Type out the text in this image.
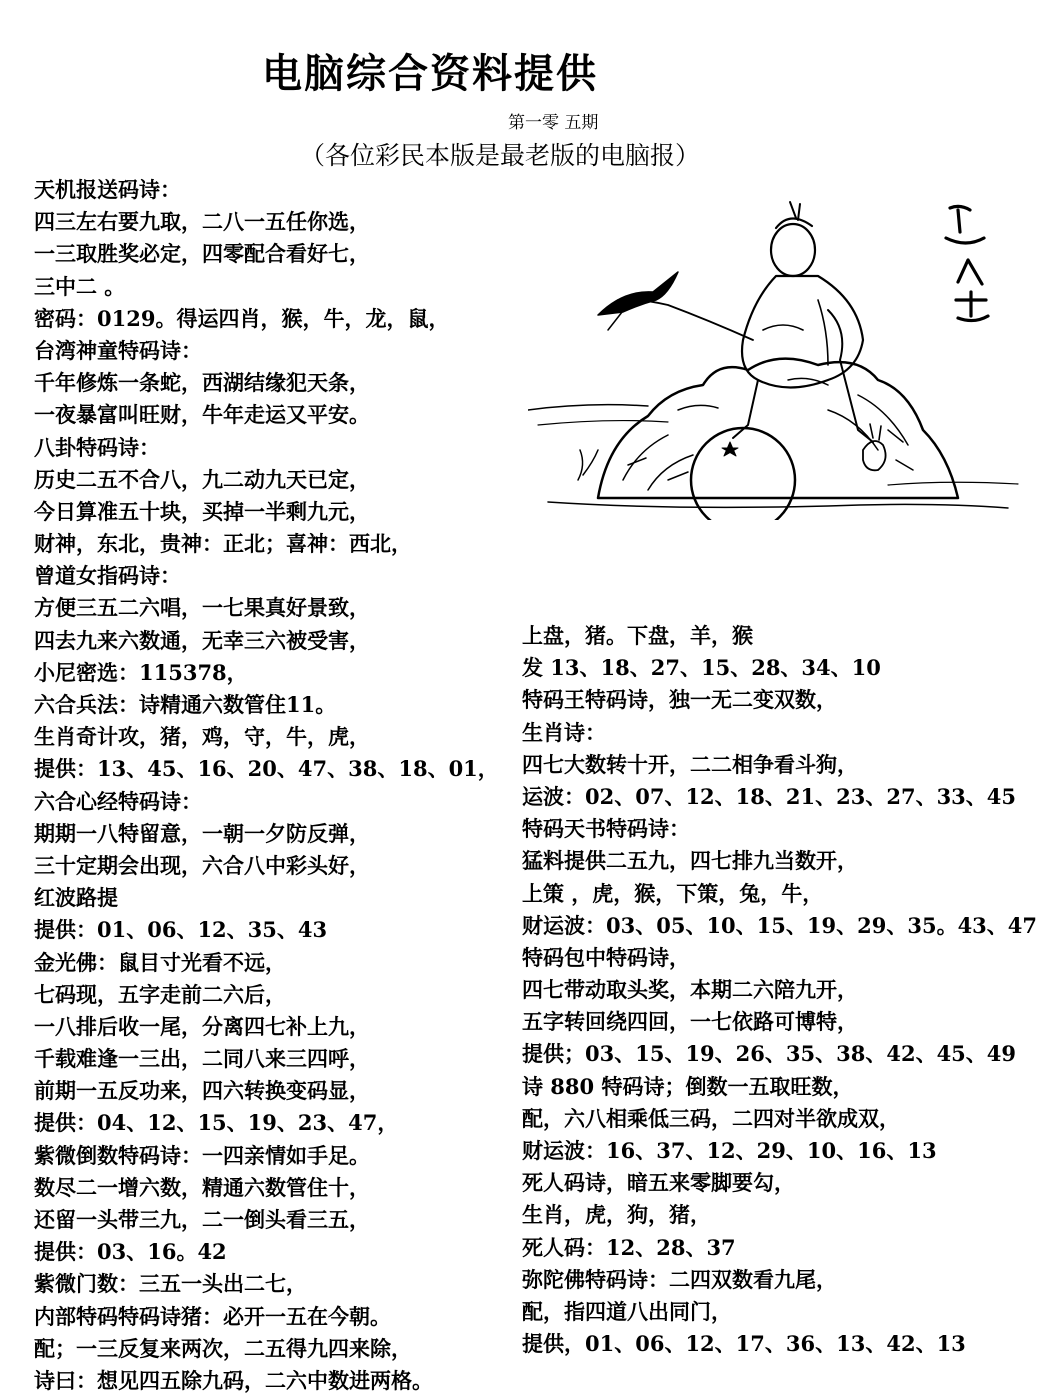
电脑综合资料提供
第一零 五期
（各位彩民本版是最老版的电脑报）
天机报送码诗：
四三左右要九取，二八一五任你选，
一三取胜奖必定，四零配合看好七，
三中二 。
密码：0129。得运四肖，猴，牛，龙，鼠，
台湾神童特码诗：
千年修炼一条蛇，西湖结缘犯天条，
一夜暴富叫旺财，牛年走运又平安。
八卦特码诗：
历史二五不合八，九二动九天已定，
今日算准五十块，买掉一半剩九元，
财神，东北，贵神：正北；喜神：西北，
曾道女指码诗：
方便三五二六唱，一七果真好景致，
四去九来六数通，无幸三六被受害，
小尼密选：115378，
六合兵法：诗精通六数管住11。
生肖奇计攻，猪，鸡，守，牛，虎，
提供：13、45、16、20、47、38、18、01，
六合心经特码诗：
期期一八特留意，一朝一夕防反弹，
三十定期会出现，六合八中彩头好，
红波路提
提供：01、06、12、35、43
金光佛：鼠目寸光看不远，
七码现，五字走前二六后，
一八排后收一尾，分离四七补上九，
千载难逢一三出，二同八来三四呼，
前期一五反功来，四六转换变码显，
提供：04、12、15、19、23、47，
紫微倒数特码诗：一四亲情如手足。
数尽二一增六数，精通六数管住十，
还留一头带三九，二一倒头看三五，
提供：03、16。42
紫微门数：三五一头出二七，
内部特码特码诗猪：必开一五在今朝。
配；一三反复来两次，二五得九四来除，
诗曰：想见四五除九码，二六中数进两格。
上盘，猪。下盘，羊，猴
发 13、18、27、15、28、34、10
特码王特码诗，独一无二变双数，
生肖诗：
四七大数转十开，二二相争看斗狗，
运波：02、07、12、18、21、23、27、33、45
特码天书特码诗：
猛料提供二五九，四七排九当数开，
上策 ，虎，猴，下策，兔，牛，
财运波：03、05、10、15、19、29、35。43、47
特码包中特码诗，
四七带动取头奖，本期二六陪九开，
五字转回绕四回，一七依路可博特，
提供；03、15、19、26、35、38、42、45、49
诗 880 特码诗；倒数一五取旺数，
配，六八相乘低三码，二四对半欲成双，
财运波：16、37、12、29、10、16、13
死人码诗，暗五来零脚要勾，
生肖，虎，狗，猪，
死人码：12、28、37
弥陀佛特码诗：二四双数看九尾，
配，指四道八出同门，
提供，01、06、12、17、36、13、42、13
近人画
